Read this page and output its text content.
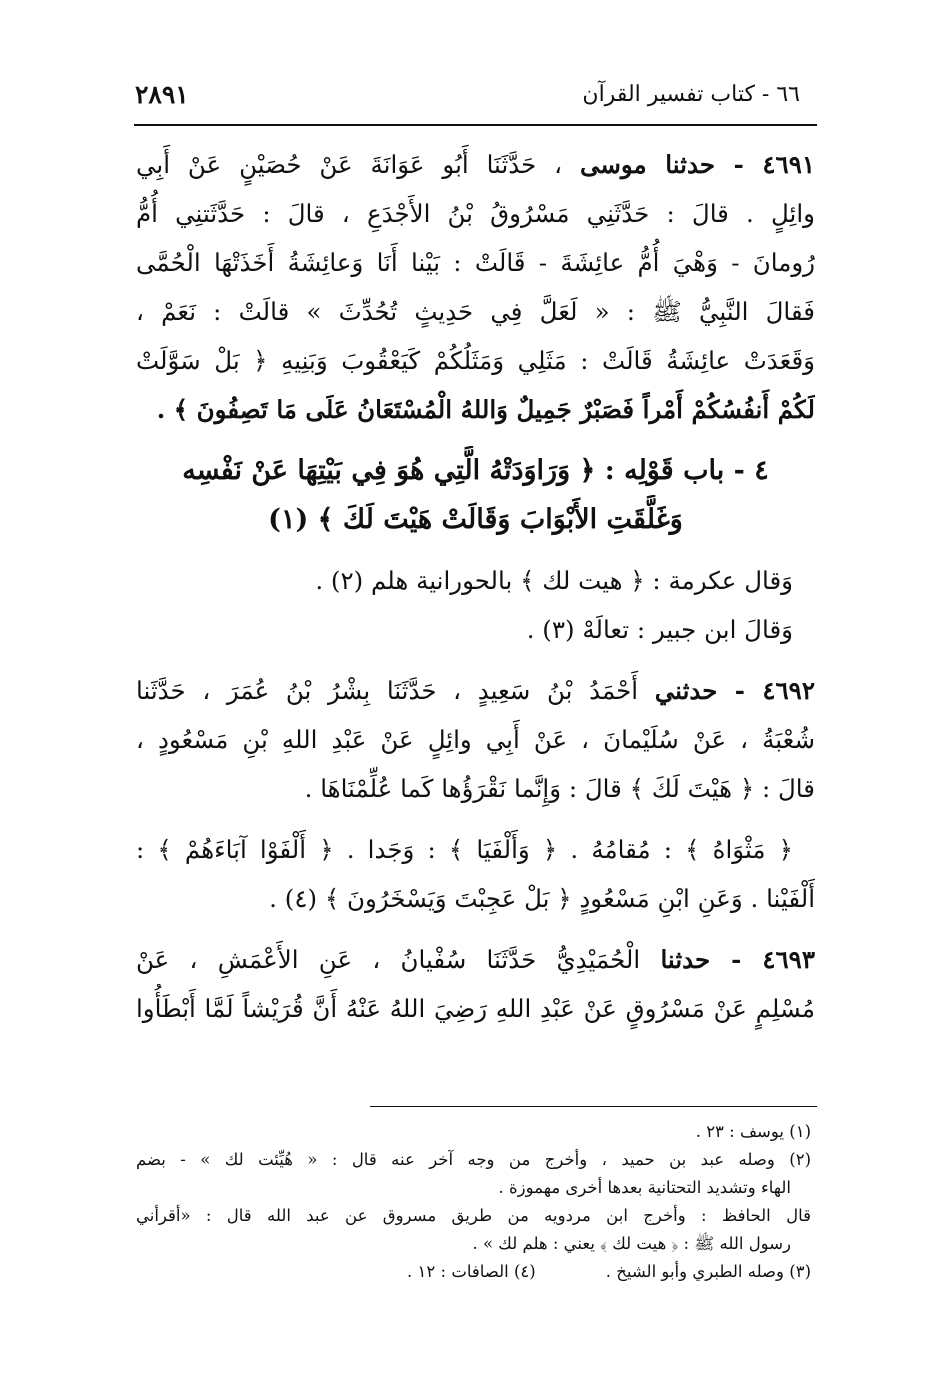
٦٦ - كتاب تفسير القرآن
٢٨٩١
٤٦٩١ - حدثنا موسى ، حَدَّثَنَا أَبُو عَوَانَةَ عَنْ حُصَيْنٍ عَنْ أَبِي
وائِلٍ . قالَ : حَدَّثَنِي مَسْرُوقُ بْنُ الأَجْدَعِ ، قالَ : حَدَّثَتنِي أُمُّ
رُومانَ - وَهْيَ أُمُّ عائِشَةَ - قَالَتْ : بَيْنا أَنَا وَعائِشَةُ أَخَذَتْهَا الْحُمَّى
فَقالَ النَّبِيُّ ﷺ : « لَعَلَّ فِي حَدِيثٍ تُحُدِّثَ » قالَتْ : نَعَمْ ،
وَقَعَدَتْ عائِشَةُ قَالَتْ : مَثَلِي وَمَثَلُكُمْ كَيَعْقُوبَ وَبَنِيهِ ﴿ بَلْ سَوَّلَتْ
لَكُمْ أَنفُسُكُمْ أَمْراً فَصَبْرٌ جَمِيلٌ وَاللهُ الْمُسْتَعَانُ عَلَى مَا تَصِفُونَ ﴾ .
٤ - باب قَوْلِه : ﴿ وَرَاوَدَتْهُ الَّتِي هُوَ فِي بَيْتِهَا عَنْ نَفْسِه
وَغَلَّقَتِ الأَبْوَابَ وَقَالَتْ هَيْتَ لَكَ ﴾ (١)
وَقال عكرمة : ﴿ هيت لك ﴾ بالحورانية هلم (٢) .
وَقالَ ابن جبير : تعالَهْ (٣) .
٤٦٩٢ - حدثني أَحْمَدُ بْنُ سَعِيدٍ ، حَدَّثَنَا بِشْرُ بْنُ عُمَرَ ، حَدَّثَنا
شُعْبَةُ ، عَنْ سُلَيْمانَ ، عَنْ أَبِي وائِلٍ عَنْ عَبْدِ اللهِ بْنِ مَسْعُودٍ ،
قالَ : ﴿ هَيْتَ لَكَ ﴾ قالَ : وَإِنَّما نَقْرَؤُها كَما عُلِّمْنَاهَا .
﴿ مَثْوَاهُ ﴾ : مُقامُهُ . ﴿ وَأَلْفَيَا ﴾ : وَجَدا . ﴿ أَلْفَوْا آبَاءَهُمْ ﴾ :
أَلْفَيْنا . وَعَنِ ابْنِ مَسْعُودٍ ﴿ بَلْ عَجِبْتَ وَيَسْخَرُونَ ﴾ (٤) .
٤٦٩٣ - حدثنا الْحُمَيْدِيُّ حَدَّثَنَا سُفْيانُ ، عَنِ الأَعْمَشِ ، عَنْ
مُسْلِمٍ عَنْ مَسْرُوقٍ عَنْ عَبْدِ اللهِ رَضِيَ اللهُ عَنْهُ أَنَّ قُرَيْشاً لَمَّا أَبْطَأُوا
(١) يوسف : ٢٣ .
(٢) وصله عبد بن حميد ، وأخرج من وجه آخر عنه قال : « هُيِّئت لك » - بضم
الهاء وتشديد التحتانية بعدها أخرى مهموزة .
قال الحافظ : وأخرج ابن مردويه من طريق مسروق عن عبد الله قال : «أقرأني
رسول الله ﷺ : ﴿ هيت لك ﴾ يعني : هلم لك » .
(٣) وصله الطبري وأبو الشيخ .
(٤) الصافات : ١٢ .
